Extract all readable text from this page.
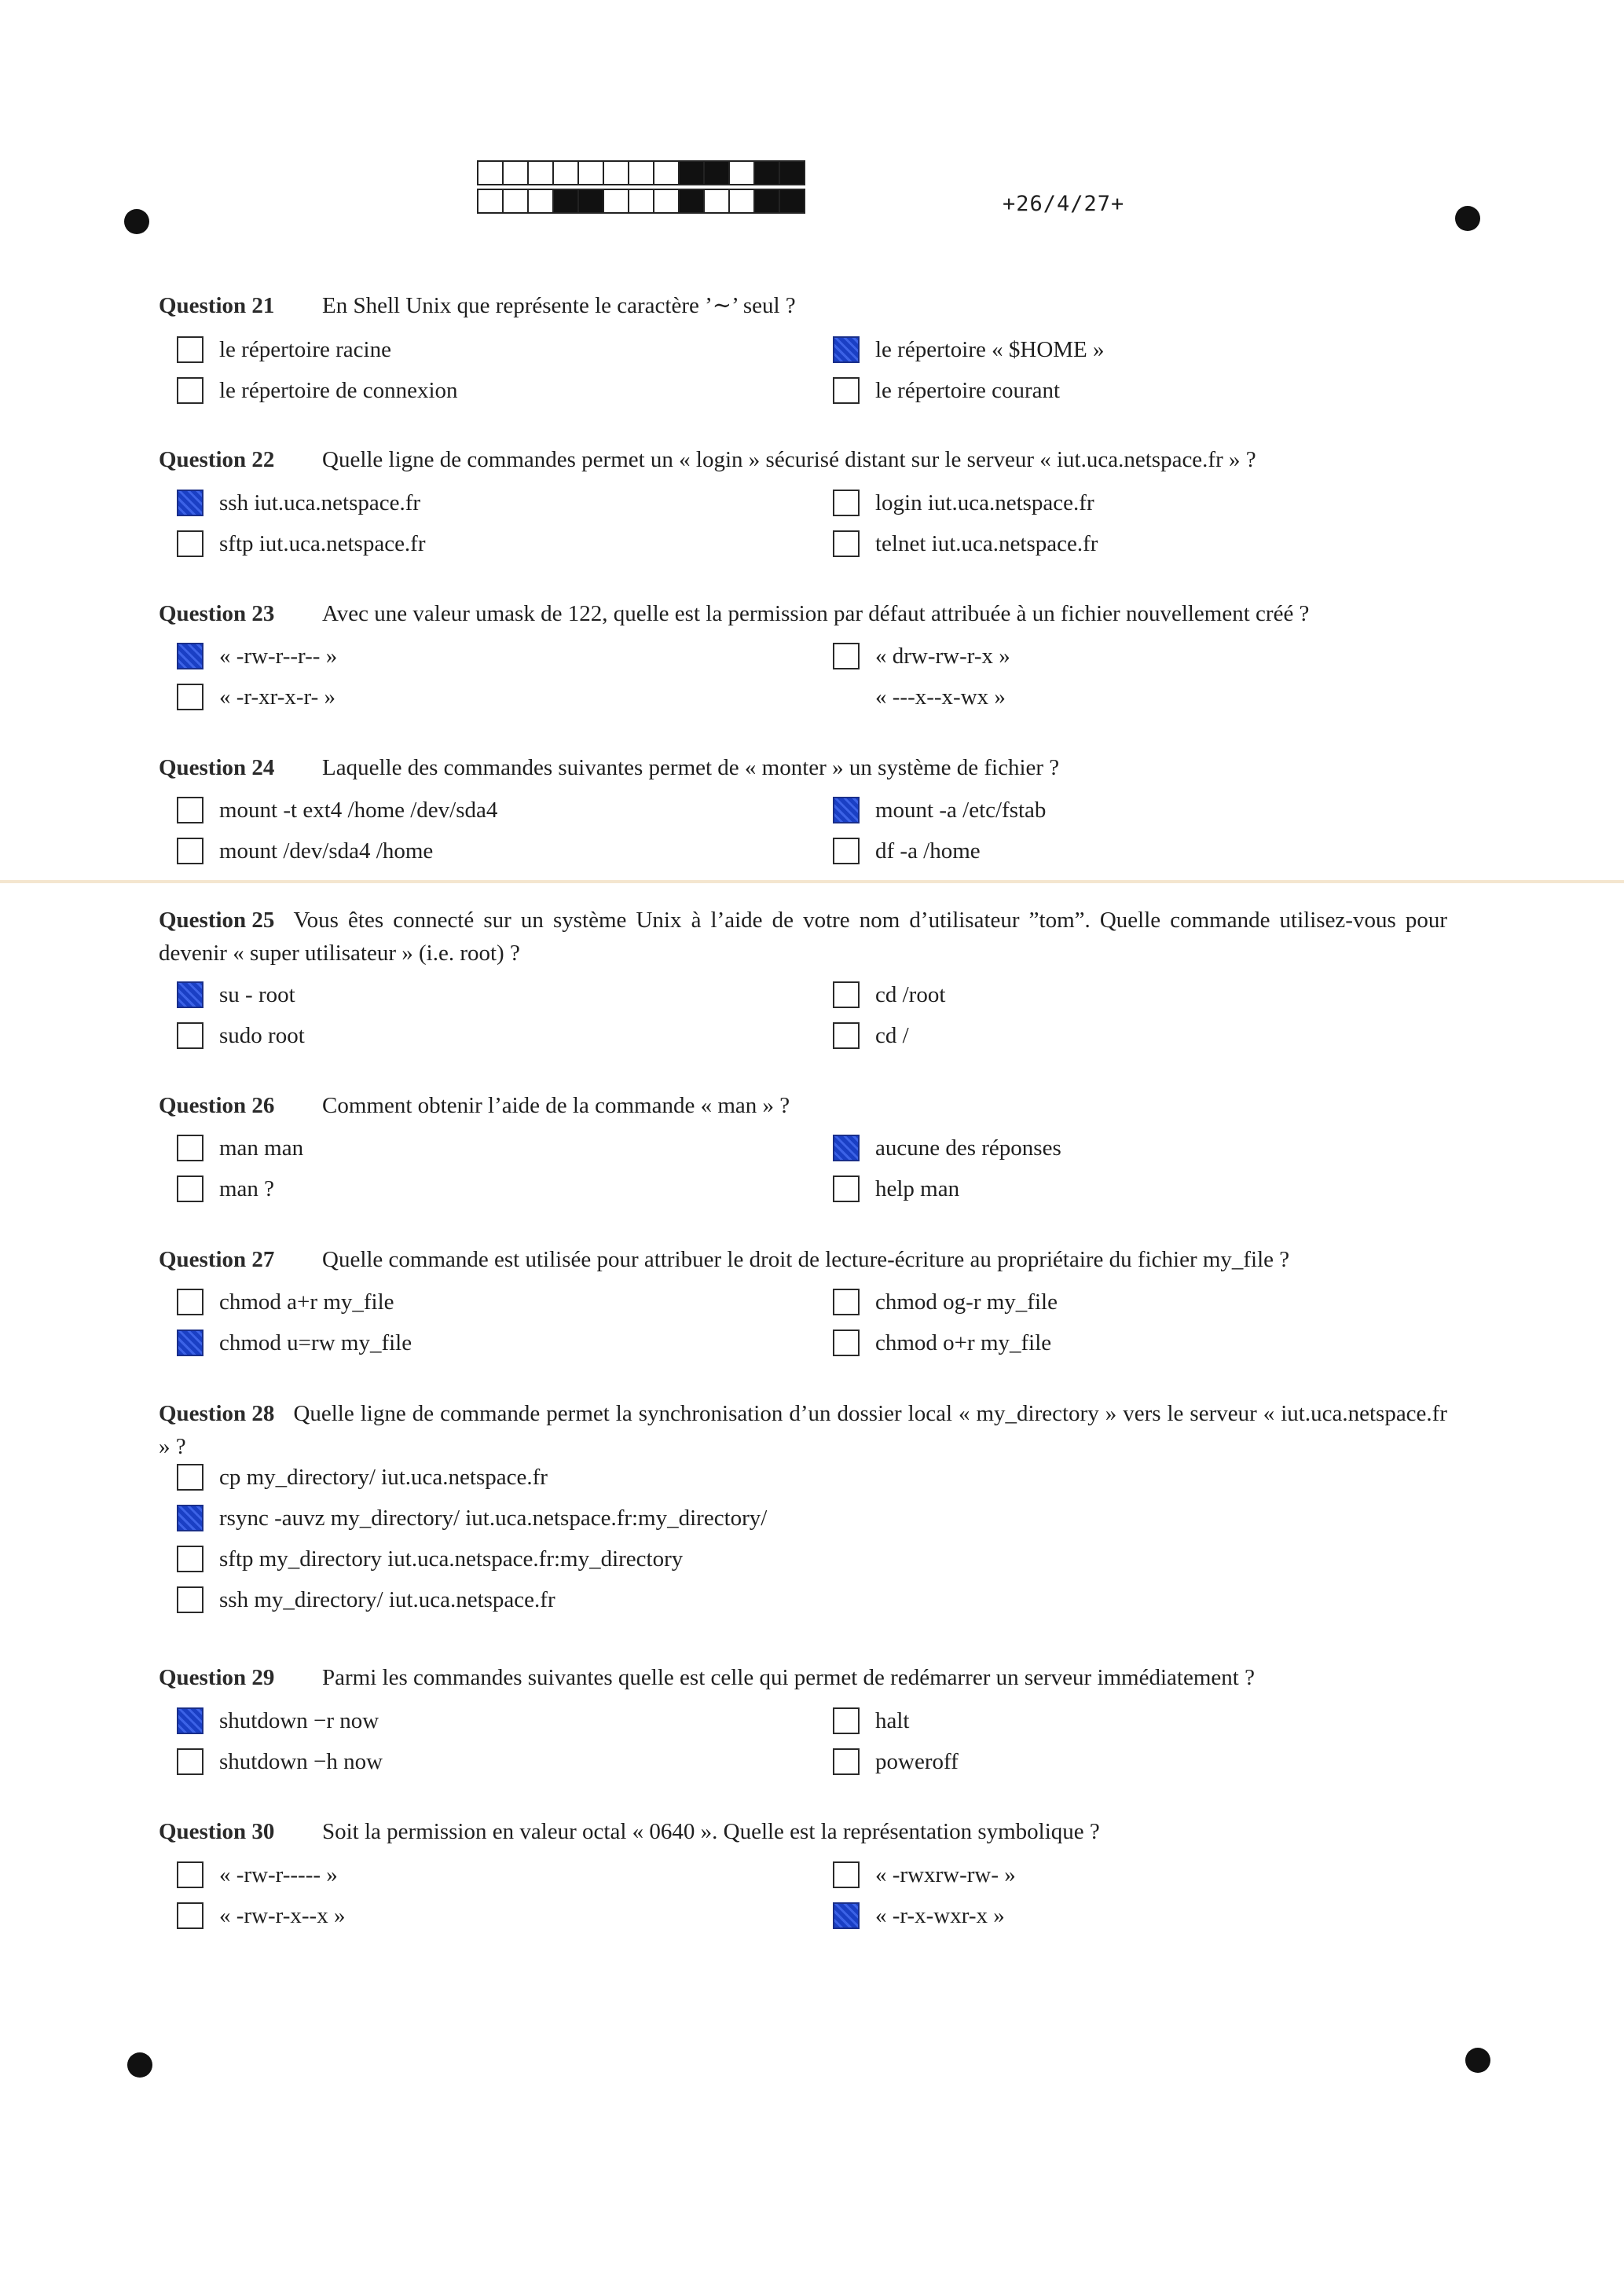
+26/4/27+
Question 21 En Shell Unix que représente le caractère ’∼’ seul ?
le répertoire racine	le répertoire « $HOME »
le répertoire de connexion	le répertoire courant
Question 22 Quelle ligne de commandes permet un « login » sécurisé distant sur le serveur « iut.uca.netspace.fr » ?
ssh iut.uca.netspace.fr	login iut.uca.netspace.fr
sftp iut.uca.netspace.fr	telnet iut.uca.netspace.fr
Question 23 Avec une valeur umask de 122, quelle est la permission par défaut attribuée à un fichier nouvellement créé ?
« -rw-r--r-- »	« drw-rw-r-x »
« -r-xr-x-r- »	« ---x--x-wx »
Question 24 Laquelle des commandes suivantes permet de « monter » un système de fichier ?
mount -t ext4 /home /dev/sda4	mount -a /etc/fstab
mount /dev/sda4 /home	df -a /home
Question 25 Vous êtes connecté sur un système Unix à l’aide de votre nom d’utilisateur ”tom”. Quelle commande utilisez-vous pour devenir « super utilisateur » (i.e. root) ?
su - root	cd /root
sudo root	cd /
Question 26 Comment obtenir l’aide de la commande « man » ?
man man	aucune des réponses
man ?	help man
Question 27 Quelle commande est utilisée pour attribuer le droit de lecture-écriture au propriétaire du fichier my_file ?
chmod a+r my_file	chmod og-r my_file
chmod u=rw my_file	chmod o+r my_file
Question 28 Quelle ligne de commande permet la synchronisation d’un dossier local « my_directory » vers le serveur « iut.uca.netspace.fr » ?
cp my_directory/ iut.uca.netspace.fr
rsync -auvz my_directory/ iut.uca.netspace.fr:my_directory/
sftp my_directory iut.uca.netspace.fr:my_directory
ssh my_directory/ iut.uca.netspace.fr
Question 29 Parmi les commandes suivantes quelle est celle qui permet de redémarrer un serveur immédiatement ?
shutdown −r now	halt
shutdown −h now	poweroff
Question 30 Soit la permission en valeur octal « 0640 ». Quelle est la représentation symbolique ?
« -rw-r----- »	« -rwxrw-rw- »
« -rw-r-x--x »	« -r-x-wxr-x »
